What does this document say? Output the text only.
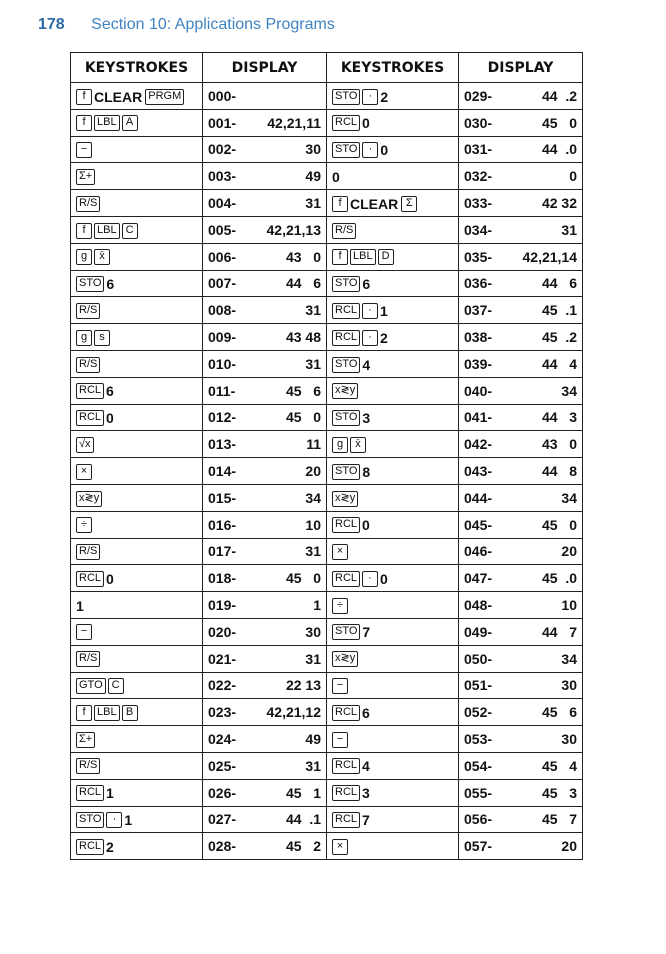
178 Section 10: Applications Programs
KEYSTROKES	DISPLAY	KEYSTROKES	DISPLAY
f CLEAR PRGM	000-	STO · 2	029- 44  .2

f LBL A	001- 42,21,11	RCL 0	030- 45   0

−	002- 30	STO · 0	031- 44  .0

Σ+	003- 49	0	032- 0

R/S	004- 31	f CLEAR Σ	033- 42 32

f LBL C	005- 42,21,13	R/S	034- 31

g x̄	006- 43   0	f LBL D	035- 42,21,14

STO 6	007- 44   6	STO 6	036- 44   6

R/S	008- 31	RCL · 1	037- 45  .1

g s	009- 43 48	RCL · 2	038- 45  .2

R/S	010- 31	STO 4	039- 44   4

RCL 6	011- 45   6	x≷y	040- 34

RCL 0	012- 45   0	STO 3	041- 44   3

√x	013- 11	g x̄	042- 43   0

×	014- 20	STO 8	043- 44   8

x≷y	015- 34	x≷y	044- 34

÷	016- 10	RCL 0	045- 45   0

R/S	017- 31	×	046- 20

RCL 0	018- 45   0	RCL · 0	047- 45  .0

1	019- 1	÷	048- 10

−	020- 30	STO 7	049- 44   7

R/S	021- 31	x≷y	050- 34

GTO C	022- 22 13	−	051- 30

f LBL B	023- 42,21,12	RCL 6	052- 45   6

Σ+	024- 49	−	053- 30

R/S	025- 31	RCL 4	054- 45   4

RCL 1	026- 45   1	RCL 3	055- 45   3

STO · 1	027- 44  .1	RCL 7	056- 45   7

RCL 2	028- 45   2	×	057- 20
